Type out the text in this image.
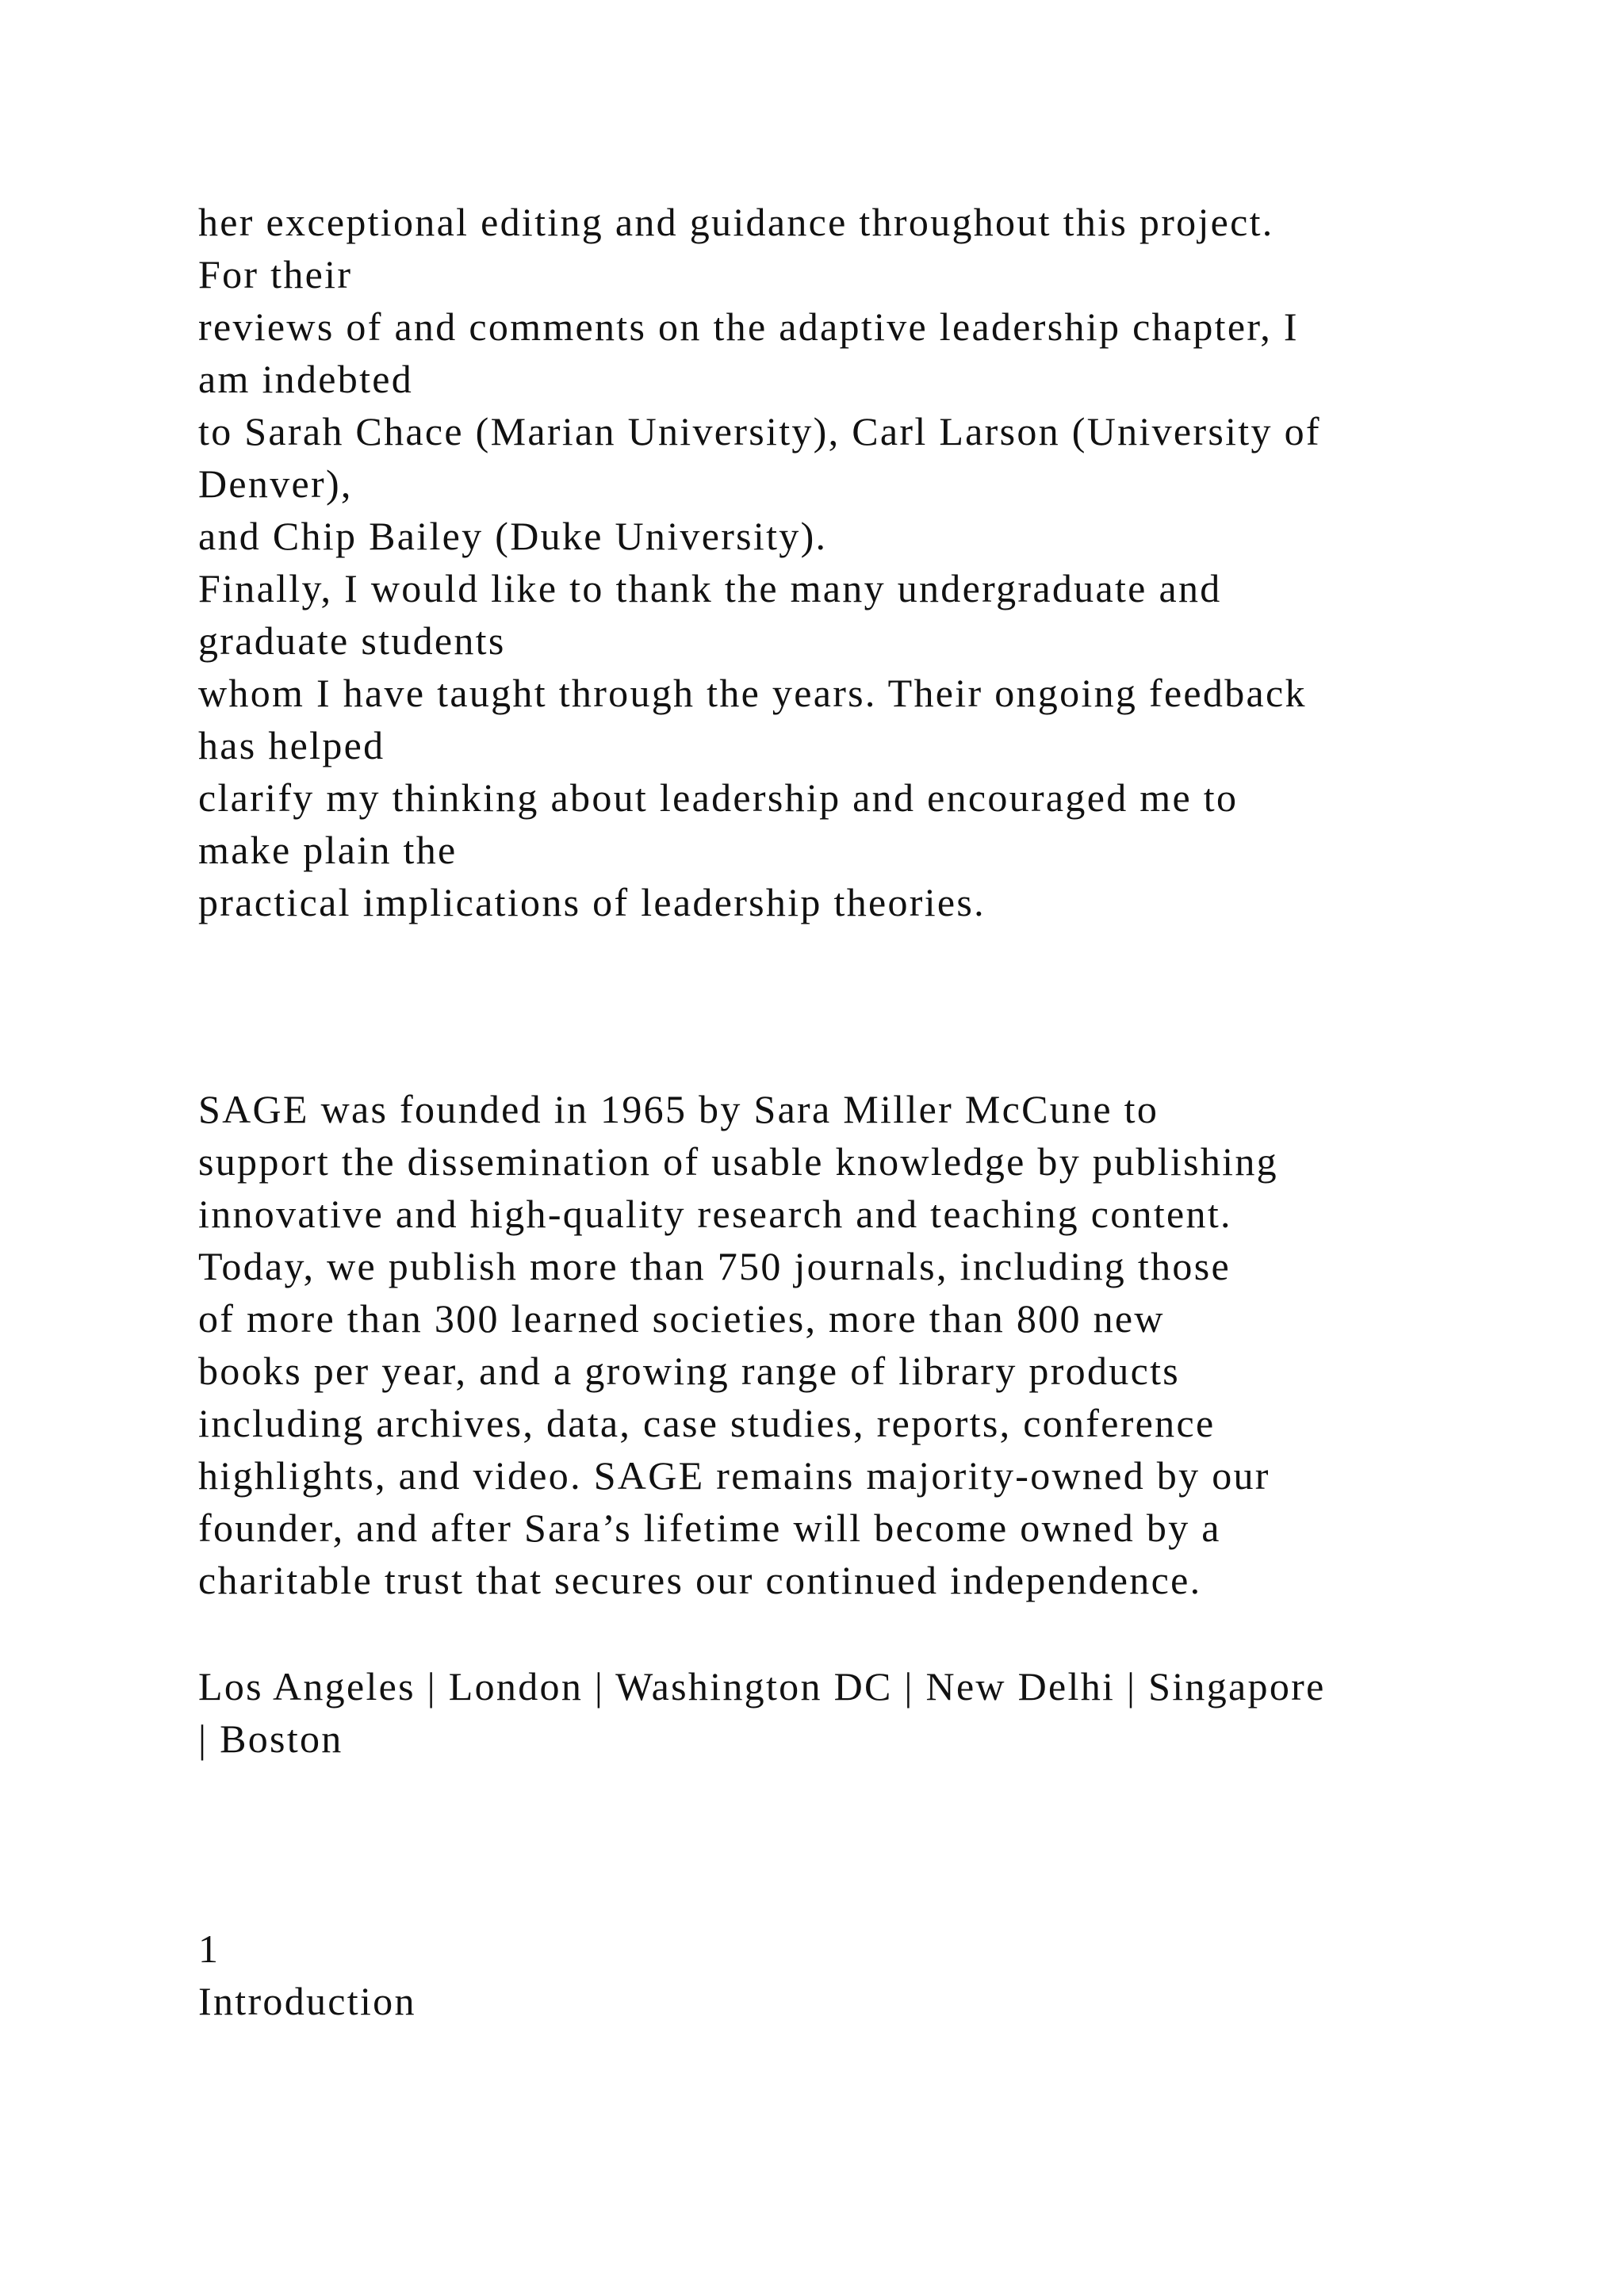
her exceptional editing and guidance throughout this project.
For their
reviews of and comments on the adaptive leadership chapter, I
am indebted
to Sarah Chace (Marian University), Carl Larson (University of
Denver),
and Chip Bailey (Duke University).
Finally, I would like to thank the many undergraduate and
graduate students
whom I have taught through the years. Their ongoing feedback
has helped
clarify my thinking about leadership and encouraged me to
make plain the
practical implications of leadership theories.
SAGE was founded in 1965 by Sara Miller McCune to
support the dissemination of usable knowledge by publishing
innovative and high-quality research and teaching content.
Today, we publish more than 750 journals, including those
of more than 300 learned societies, more than 800 new
books per year, and a growing range of library products
including archives, data, case studies, reports, conference
highlights, and video. SAGE remains majority-owned by our
founder, and after Sara’s lifetime will become owned by a
charitable trust that secures our continued independence.
Los Angeles | London | Washington DC | New Delhi | Singapore
| Boston
1
Introduction
